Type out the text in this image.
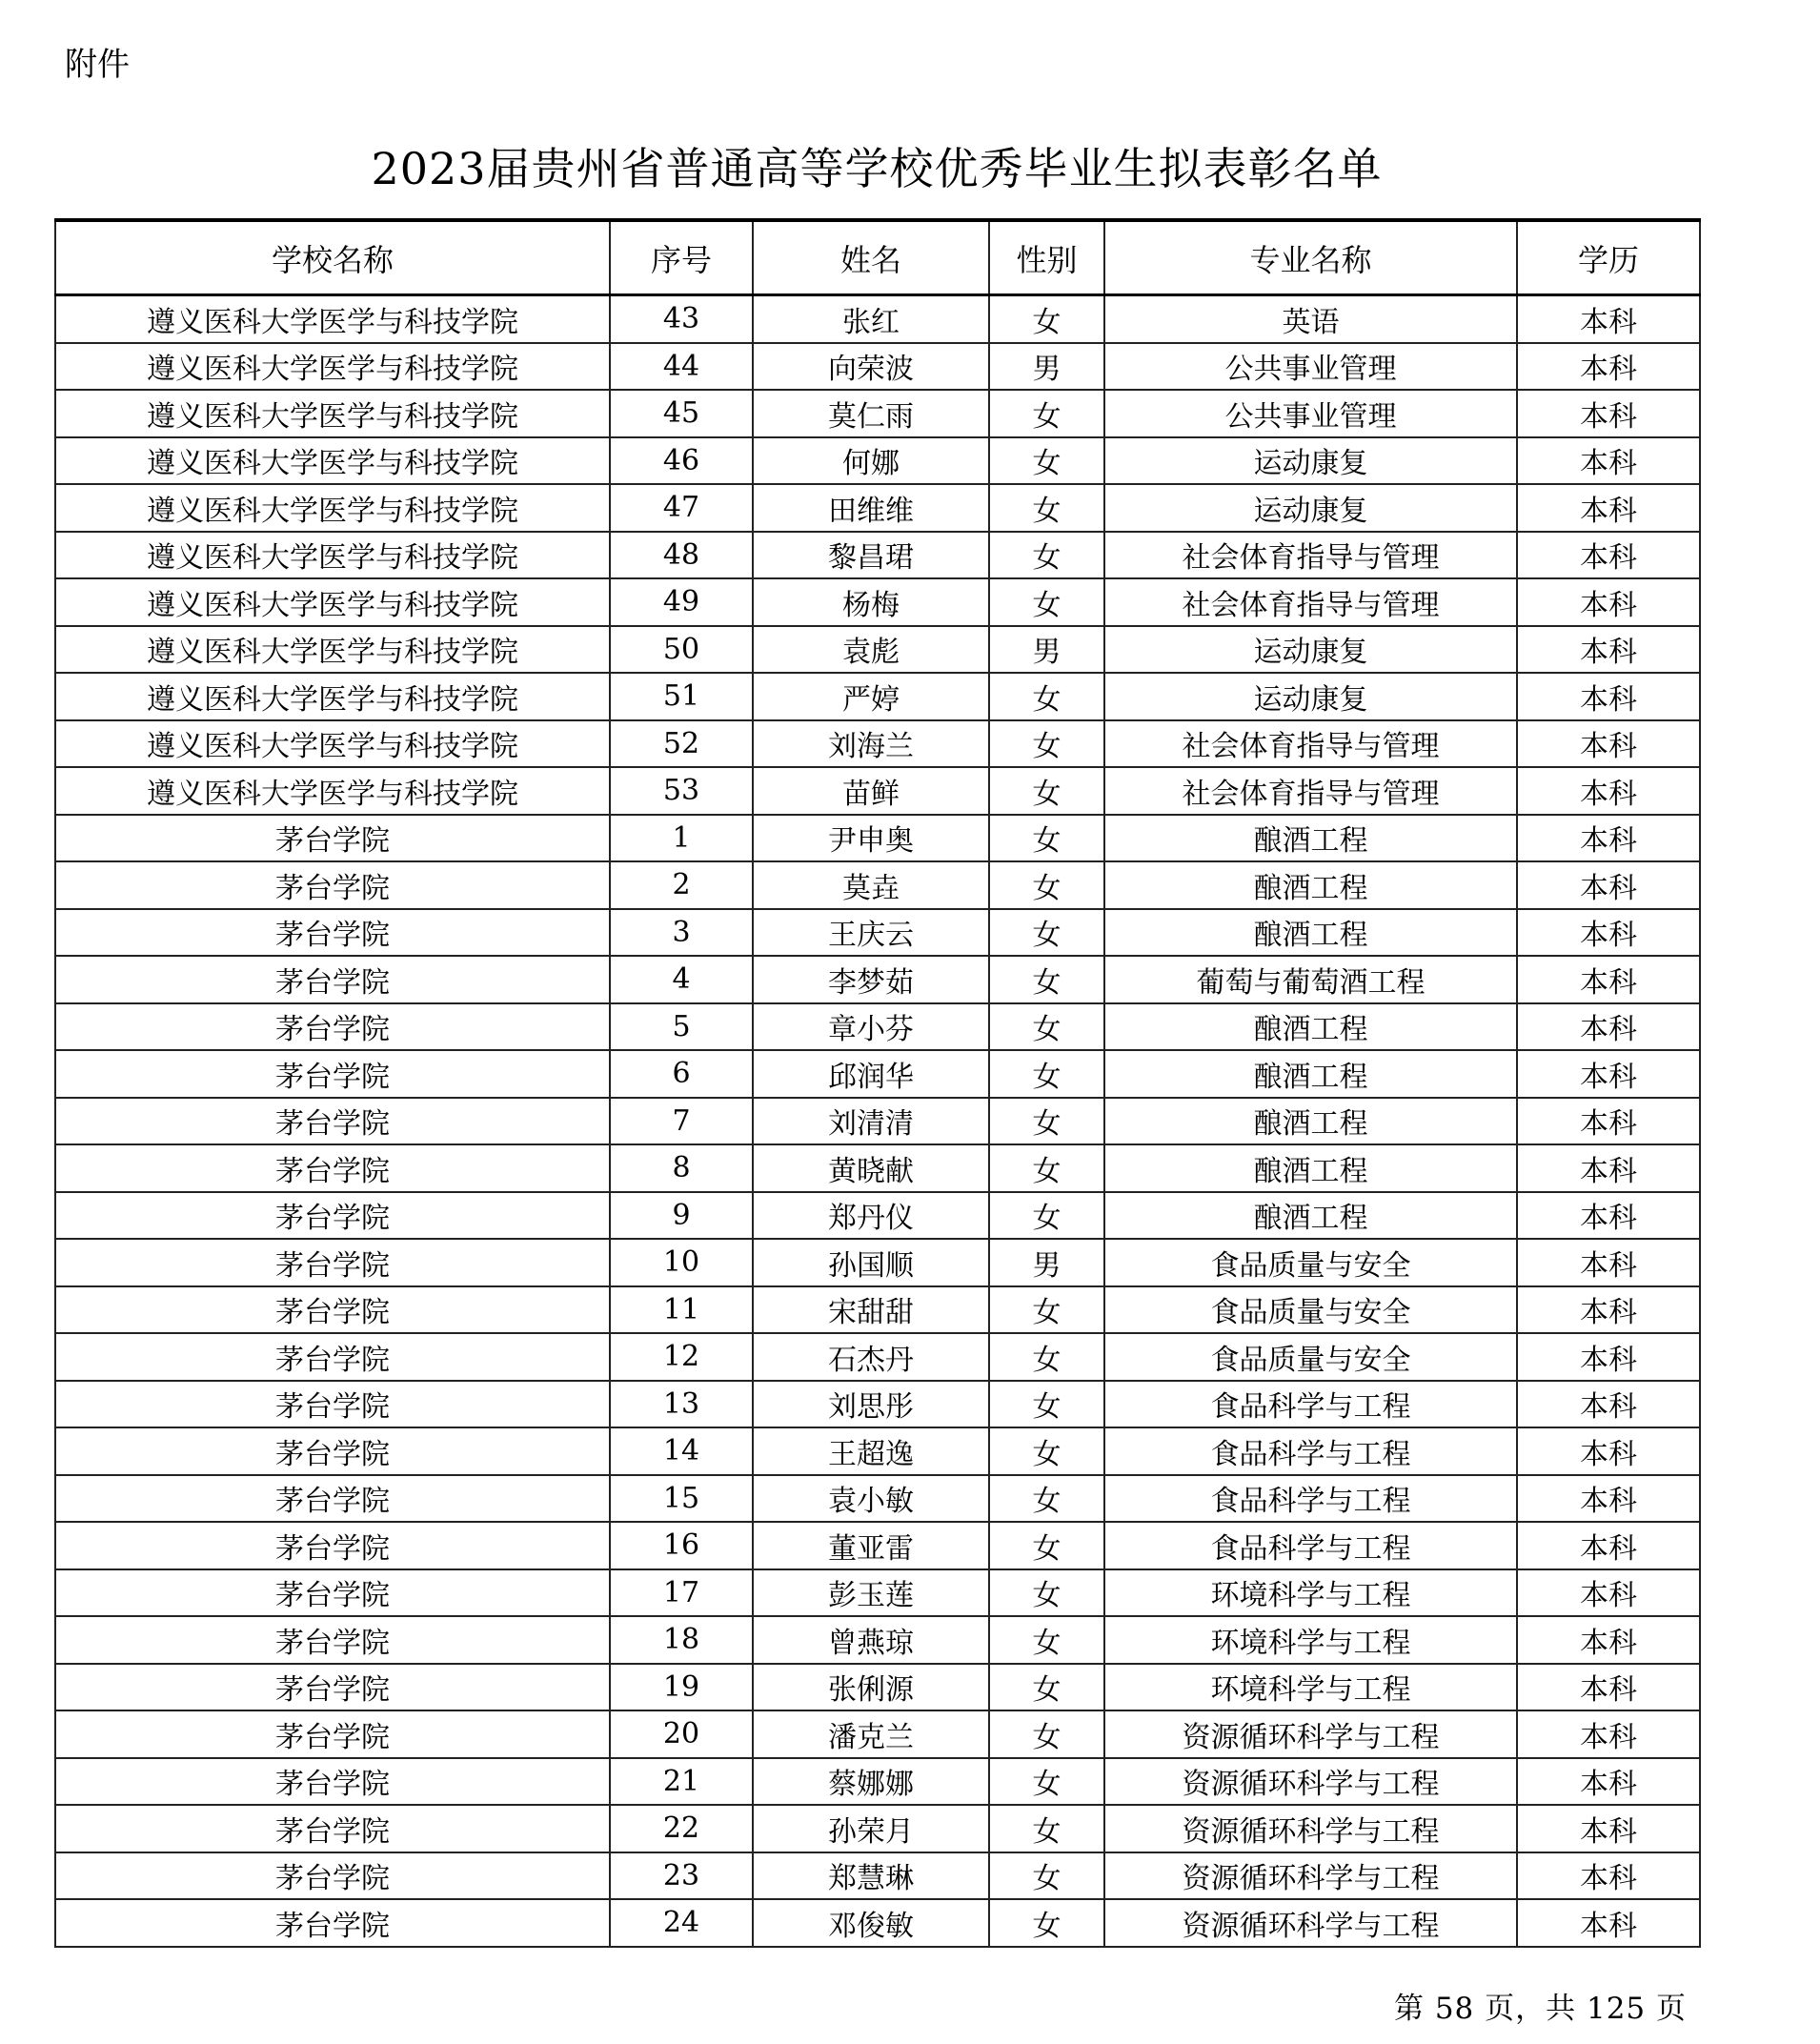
附件
2023届贵州省普通高等学校优秀毕业生拟表彰名单
学校名称	序号	姓名	性别	专业名称	学历
遵义医科大学医学与科技学院	43	张红	女	英语	本科
遵义医科大学医学与科技学院	44	向荣波	男	公共事业管理	本科
遵义医科大学医学与科技学院	45	莫仁雨	女	公共事业管理	本科
遵义医科大学医学与科技学院	46	何娜	女	运动康复	本科
遵义医科大学医学与科技学院	47	田维维	女	运动康复	本科
遵义医科大学医学与科技学院	48	黎昌珺	女	社会体育指导与管理	本科
遵义医科大学医学与科技学院	49	杨梅	女	社会体育指导与管理	本科
遵义医科大学医学与科技学院	50	袁彪	男	运动康复	本科
遵义医科大学医学与科技学院	51	严婷	女	运动康复	本科
遵义医科大学医学与科技学院	52	刘海兰	女	社会体育指导与管理	本科
遵义医科大学医学与科技学院	53	苗鲜	女	社会体育指导与管理	本科
茅台学院	1	尹申奥	女	酿酒工程	本科
茅台学院	2	莫垚	女	酿酒工程	本科
茅台学院	3	王庆云	女	酿酒工程	本科
茅台学院	4	李梦茹	女	葡萄与葡萄酒工程	本科
茅台学院	5	章小芬	女	酿酒工程	本科
茅台学院	6	邱润华	女	酿酒工程	本科
茅台学院	7	刘清清	女	酿酒工程	本科
茅台学院	8	黄晓献	女	酿酒工程	本科
茅台学院	9	郑丹仪	女	酿酒工程	本科
茅台学院	10	孙国顺	男	食品质量与安全	本科
茅台学院	11	宋甜甜	女	食品质量与安全	本科
茅台学院	12	石杰丹	女	食品质量与安全	本科
茅台学院	13	刘思彤	女	食品科学与工程	本科
茅台学院	14	王超逸	女	食品科学与工程	本科
茅台学院	15	袁小敏	女	食品科学与工程	本科
茅台学院	16	董亚雷	女	食品科学与工程	本科
茅台学院	17	彭玉莲	女	环境科学与工程	本科
茅台学院	18	曾燕琼	女	环境科学与工程	本科
茅台学院	19	张俐源	女	环境科学与工程	本科
茅台学院	20	潘克兰	女	资源循环科学与工程	本科
茅台学院	21	蔡娜娜	女	资源循环科学与工程	本科
茅台学院	22	孙荣月	女	资源循环科学与工程	本科
茅台学院	23	郑慧琳	女	资源循环科学与工程	本科
茅台学院	24	邓俊敏	女	资源循环科学与工程	本科
第 58 页，共 125 页
